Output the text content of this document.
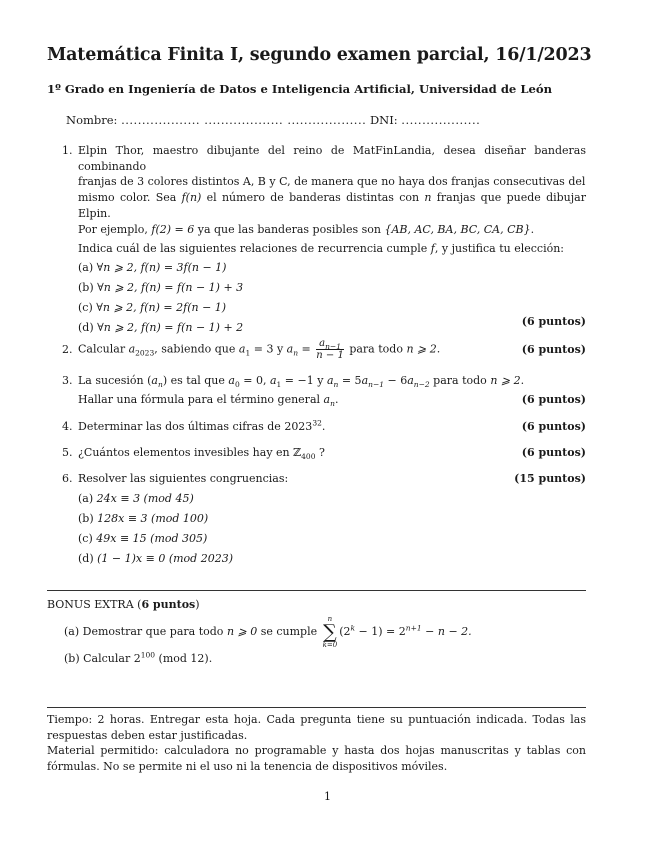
Matemática Finita I, segundo examen parcial, 16/1/2023
1º Grado en Ingeniería de Datos e Inteligencia Artificial, Universidad de León
Nombre: ................... ................... ................... DNI: ...................
1. Elpin Thor, maestro dibujante del reino de MatFinLandia, desea diseñar banderas combinando
franjas de 3 colores distintos A, B y C, de manera que no haya dos franjas consecutivas del
mismo color. Sea f(n) el número de banderas distintas con n franjas que puede dibujar Elpin.
Por ejemplo, f(2) = 6 ya que las banderas posibles son {AB, AC, BA, BC, CA, CB}.
Indica cuál de las siguientes relaciones de recurrencia cumple f, y justifica tu elección:
(a) ∀n ⩾ 2, f(n) = 3f(n − 1)
(b) ∀n ⩾ 2, f(n) = f(n − 1) + 3
(c) ∀n ⩾ 2, f(n) = 2f(n − 1)
(d) ∀n ⩾ 2, f(n) = f(n − 1) + 2	(6 puntos)
2. Calcular $a_{2023}$, sabiendo que $a_1 = 3$ y $a_n = \frac{a_{n-1}}{n - 1}$ para todo n ⩾ 2.	(6 puntos)
3. La sucesión $(a_n)$ es tal que $a_0 = 0$, $a_1 = -1$ y $a_n = 5a_{n-1} - 6a_{n-2}$ para todo n ⩾ 2.
Hallar una fórmula para el término general $a_n$.	(6 puntos)
4. Determinar las dos últimas cifras de 2023$^{32}$.	(6 puntos)
5. ¿Cuántos elementos invesibles hay en ℤ$_{400}$ ?	(6 puntos)
6. Resolver las siguientes congruencias:
(a) 24x ≡ 3 (mod 45)
(b) 128x ≡ 3 (mod 100)
(c) 49x ≡ 15 (mod 305)
(d) (1 − 1)x ≡ 0 (mod 2023)
(15 puntos)
BONUS EXTRA (6 puntos)
(a) Demostrar que para todo n ⩾ 0 se cumple
n
∑
k=0
$(2^k - 1) = 2^{n+1} - n - 2$.
(b) Calcular $2^{100}$ (mod 12).
Tiempo: 2 horas. Entregar esta hoja. Cada pregunta tiene su puntuación indicada. Todas las respuestas deben estar justificadas.
Material permitido: calculadora no programable y hasta dos hojas manuscritas y tablas con fórmulas. No se permite ni el uso ni la tenencia de dispositivos móviles.
1
